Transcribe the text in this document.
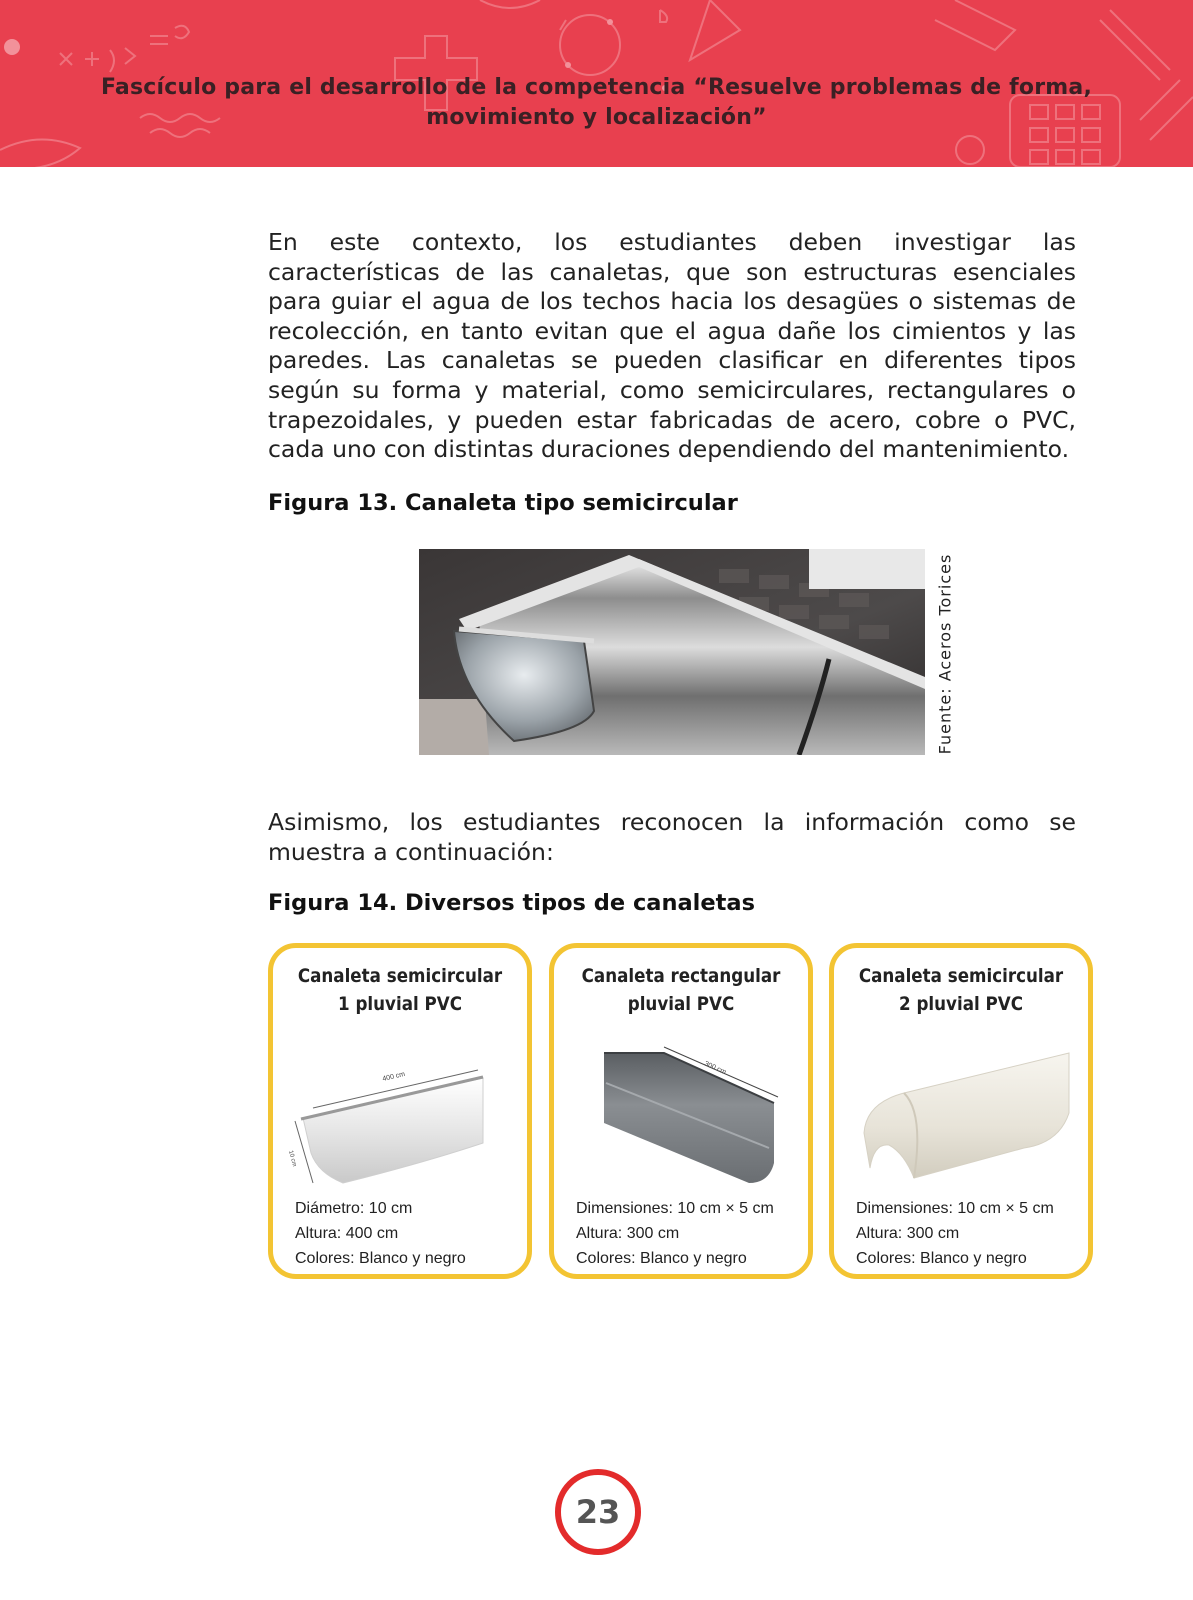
Fascículo para el desarrollo de la competencia “Resuelve problemas de forma,
movimiento y localización”

En este contexto, los estudiantes deben investigar las características de las canaletas, que son estructuras esenciales para guiar el agua de los techos hacia los desagües o sistemas de recolección, en tanto evitan que el agua dañe los cimientos y las paredes. Las canaletas se pueden clasificar en diferentes tipos según su forma y material, como semicirculares, rectangulares o trapezoidales, y pueden estar fabricadas de acero, cobre o PVC, cada uno con distintas duraciones dependiendo del mantenimiento.

Figura 13. Canaleta tipo semicircular

Fuente: Aceros Torices

Asimismo, los estudiantes reconocen la información como se muestra a continuación:

Figura 14. Diversos tipos de canaletas

Canaleta semicircular
1 pluvial PVC
400 cm
10 cm
Diámetro: 10 cm
Altura: 400 cm
Colores: Blanco y negro
Canaleta rectangular
pluvial PVC
300 cm
Dimensiones: 10 cm × 5 cm
Altura: 300 cm
Colores: Blanco y negro
Canaleta semicircular
2 pluvial PVC
Dimensiones: 10 cm × 5 cm
Altura: 300 cm
Colores: Blanco y negro
23
